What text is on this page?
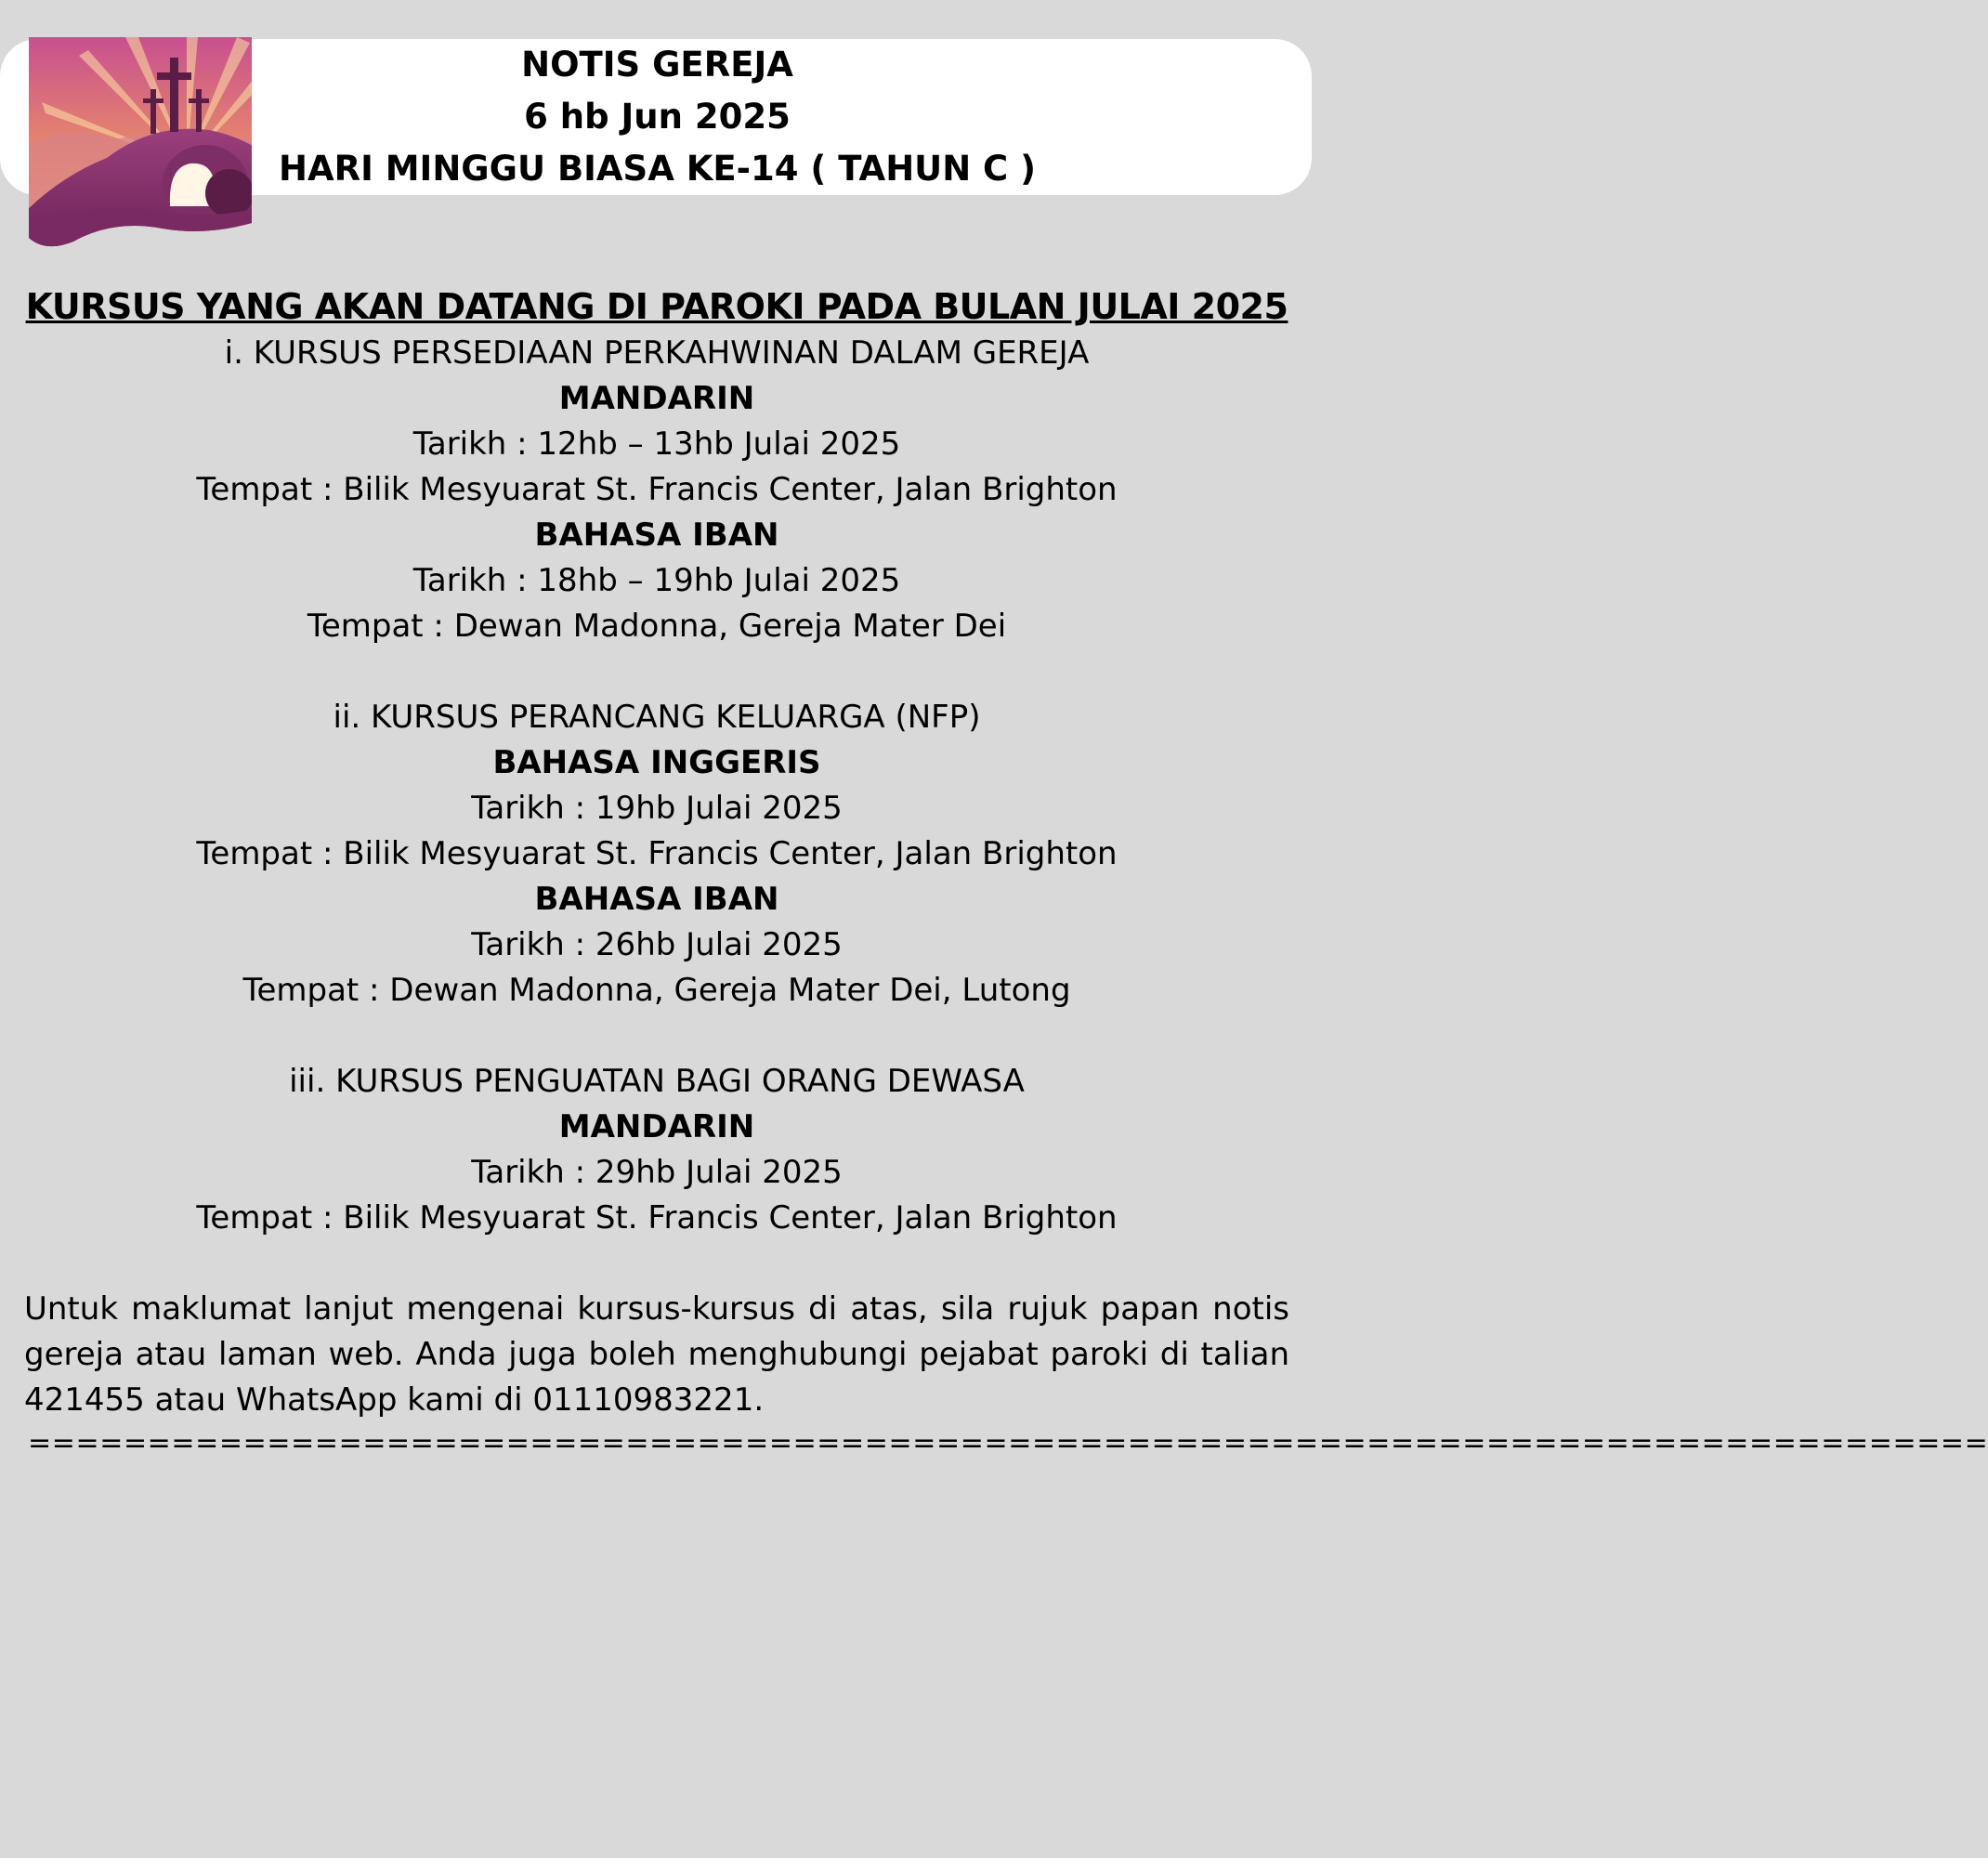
NOTIS GEREJA
6 hb Jun 2025
HARI MINGGU BIASA KE-14 ( TAHUN C )
KURSUS YANG AKAN DATANG DI PAROKI PADA BULAN JULAI 2025
i. KURSUS PERSEDIAAN PERKAHWINAN DALAM GEREJA
MANDARIN
Tarikh : 12hb – 13hb Julai 2025
Tempat : Bilik Mesyuarat St. Francis Center, Jalan Brighton
BAHASA IBAN
Tarikh : 18hb – 19hb Julai 2025
Tempat : Dewan Madonna, Gereja Mater Dei
ii. KURSUS PERANCANG KELUARGA (NFP)
BAHASA INGGERIS
Tarikh : 19hb Julai 2025
Tempat : Bilik Mesyuarat St. Francis Center, Jalan Brighton
BAHASA IBAN
Tarikh : 26hb Julai 2025
Tempat : Dewan Madonna, Gereja Mater Dei, Lutong
iii. KURSUS PENGUATAN BAGI ORANG DEWASA
MANDARIN
Tarikh : 29hb Julai 2025
Tempat : Bilik Mesyuarat St. Francis Center, Jalan Brighton
Untuk maklumat lanjut mengenai kursus-kursus di atas, sila rujuk papan notis gereja atau laman web. Anda juga boleh menghubungi pejabat paroki di talian 421455 atau WhatsApp kami di 01110983221.
==================================================================================
